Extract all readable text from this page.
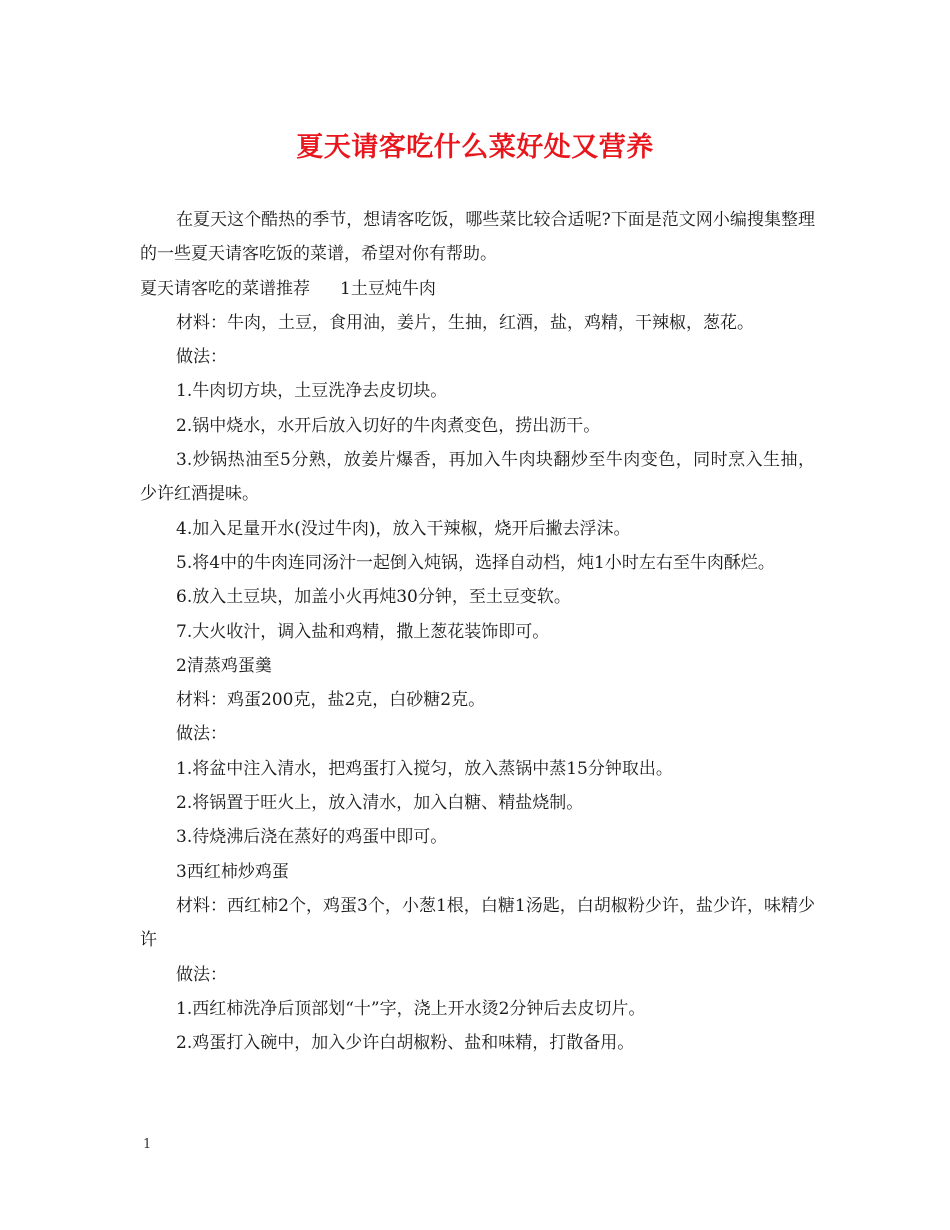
夏天请客吃什么菜好处又营养

在夏天这个酷热的季节，想请客吃饭，哪些菜比较合适呢?下面是范文网小编搜集整理的一些夏天请客吃饭的菜谱，希望对你有帮助。

夏天请客吃的菜谱推荐 1土豆炖牛肉

材料：牛肉，土豆，食用油，姜片，生抽，红酒，盐，鸡精，干辣椒，葱花。

做法：

1.牛肉切方块，土豆洗净去皮切块。

2.锅中烧水，水开后放入切好的牛肉煮变色，捞出沥干。

3.炒锅热油至5分熟，放姜片爆香，再加入牛肉块翻炒至牛肉变色，同时烹入生抽，少许红酒提味。

4.加入足量开水(没过牛肉)，放入干辣椒，烧开后撇去浮沫。

5.将4中的牛肉连同汤汁一起倒入炖锅，选择自动档，炖1小时左右至牛肉酥烂。

6.放入土豆块，加盖小火再炖30分钟，至土豆变软。

7.大火收汁，调入盐和鸡精，撒上葱花装饰即可。

2清蒸鸡蛋羹

材料：鸡蛋200克，盐2克，白砂糖2克。

做法：

1.将盆中注入清水，把鸡蛋打入搅匀，放入蒸锅中蒸15分钟取出。

2.将锅置于旺火上，放入清水，加入白糖、精盐烧制。

3.待烧沸后浇在蒸好的鸡蛋中即可。

3西红柿炒鸡蛋

材料：西红柿2个，鸡蛋3个，小葱1根，白糖1汤匙，白胡椒粉少许，盐少许，味精少许

做法：

1.西红柿洗净后顶部划“十”字，浇上开水烫2分钟后去皮切片。

2.鸡蛋打入碗中，加入少许白胡椒粉、盐和味精，打散备用。

1
